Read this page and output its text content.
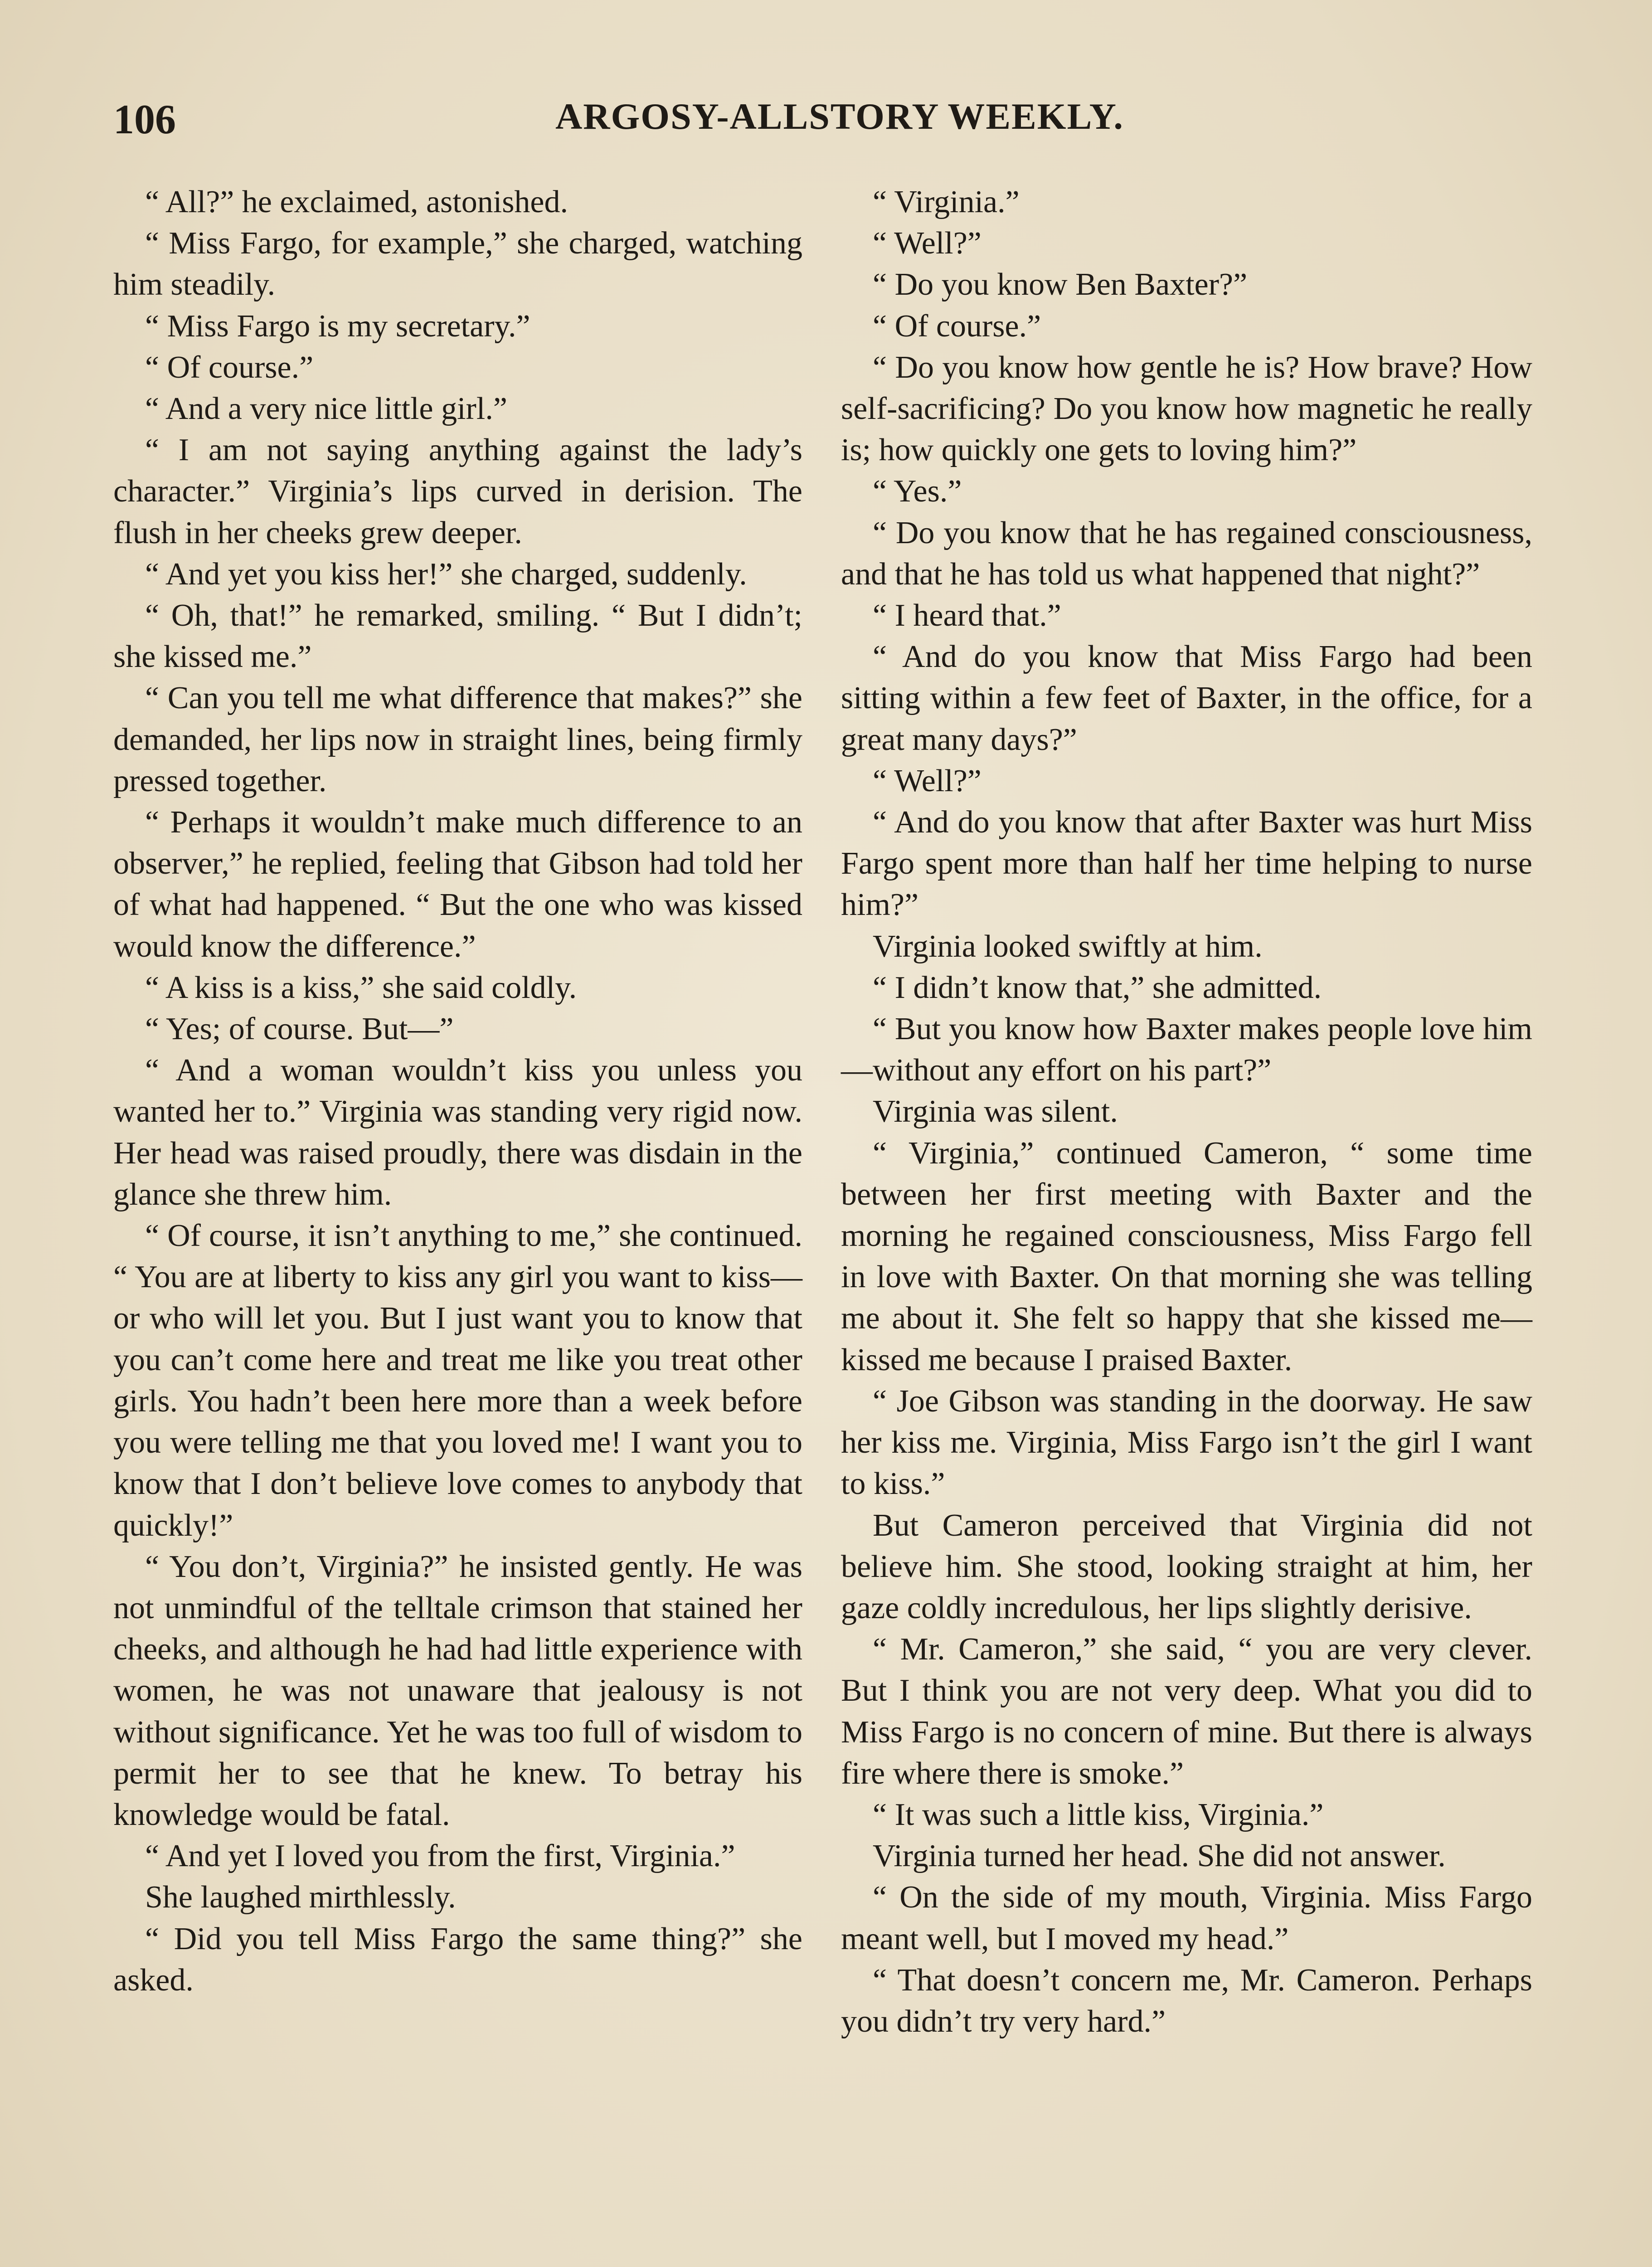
106	ARGOSY-ALLSTORY WEEKLY.

“ All?” he exclaimed, astonished.

“ Miss Fargo, for example,” she charged, watching him steadily.

“ Miss Fargo is my secretary.”

“ Of course.”

“ And a very nice little girl.”

“ I am not saying anything against the lady’s character.” Virginia’s lips curved in derision. The flush in her cheeks grew deeper.

“ And yet you kiss her!” she charged, suddenly.

“ Oh, that!” he remarked, smiling. “ But I didn’t; she kissed me.”

“ Can you tell me what difference that makes?” she demanded, her lips now in straight lines, being firmly pressed together.

“ Perhaps it wouldn’t make much difference to an observer,” he replied, feeling that Gibson had told her of what had happened. “ But the one who was kissed would know the difference.”

“ A kiss is a kiss,” she said coldly.

“ Yes; of course. But—”

“ And a woman wouldn’t kiss you unless you wanted her to.” Virginia was standing very rigid now. Her head was raised proudly, there was disdain in the glance she threw him.

“ Of course, it isn’t anything to me,” she continued. “ You are at liberty to kiss any girl you want to kiss—or who will let you. But I just want you to know that you can’t come here and treat me like you treat other girls. You hadn’t been here more than a week before you were telling me that you loved me! I want you to know that I don’t believe love comes to anybody that quickly!”

“ You don’t, Virginia?” he insisted gently. He was not unmindful of the telltale crimson that stained her cheeks, and although he had had little experience with women, he was not unaware that jealousy is not without significance. Yet he was too full of wisdom to permit her to see that he knew. To betray his knowledge would be fatal.

“ And yet I loved you from the first, Virginia.”

She laughed mirthlessly.

“ Did you tell Miss Fargo the same thing?” she asked.

“ Virginia.”

“ Well?”

“ Do you know Ben Baxter?”

“ Of course.”

“ Do you know how gentle he is? How brave? How self-sacrificing? Do you know how magnetic he really is; how quickly one gets to loving him?”

“ Yes.”

“ Do you know that he has regained consciousness, and that he has told us what happened that night?”

“ I heard that.”

“ And do you know that Miss Fargo had been sitting within a few feet of Baxter, in the office, for a great many days?”

“ Well?”

“ And do you know that after Baxter was hurt Miss Fargo spent more than half her time helping to nurse him?”

Virginia looked swiftly at him.

“ I didn’t know that,” she admitted.

“ But you know how Baxter makes people love him—without any effort on his part?”

Virginia was silent.

“ Virginia,” continued Cameron, “ some time between her first meeting with Baxter and the morning he regained consciousness, Miss Fargo fell in love with Baxter. On that morning she was telling me about it. She felt so happy that she kissed me—kissed me because I praised Baxter.

“ Joe Gibson was standing in the doorway. He saw her kiss me. Virginia, Miss Fargo isn’t the girl I want to kiss.”

But Cameron perceived that Virginia did not believe him. She stood, looking straight at him, her gaze coldly incredulous, her lips slightly derisive.

“ Mr. Cameron,” she said, “ you are very clever. But I think you are not very deep. What you did to Miss Fargo is no concern of mine. But there is always fire where there is smoke.”

“ It was such a little kiss, Virginia.”

Virginia turned her head. She did not answer.

“ On the side of my mouth, Virginia. Miss Fargo meant well, but I moved my head.”

“ That doesn’t concern me, Mr. Cameron. Perhaps you didn’t try very hard.”
